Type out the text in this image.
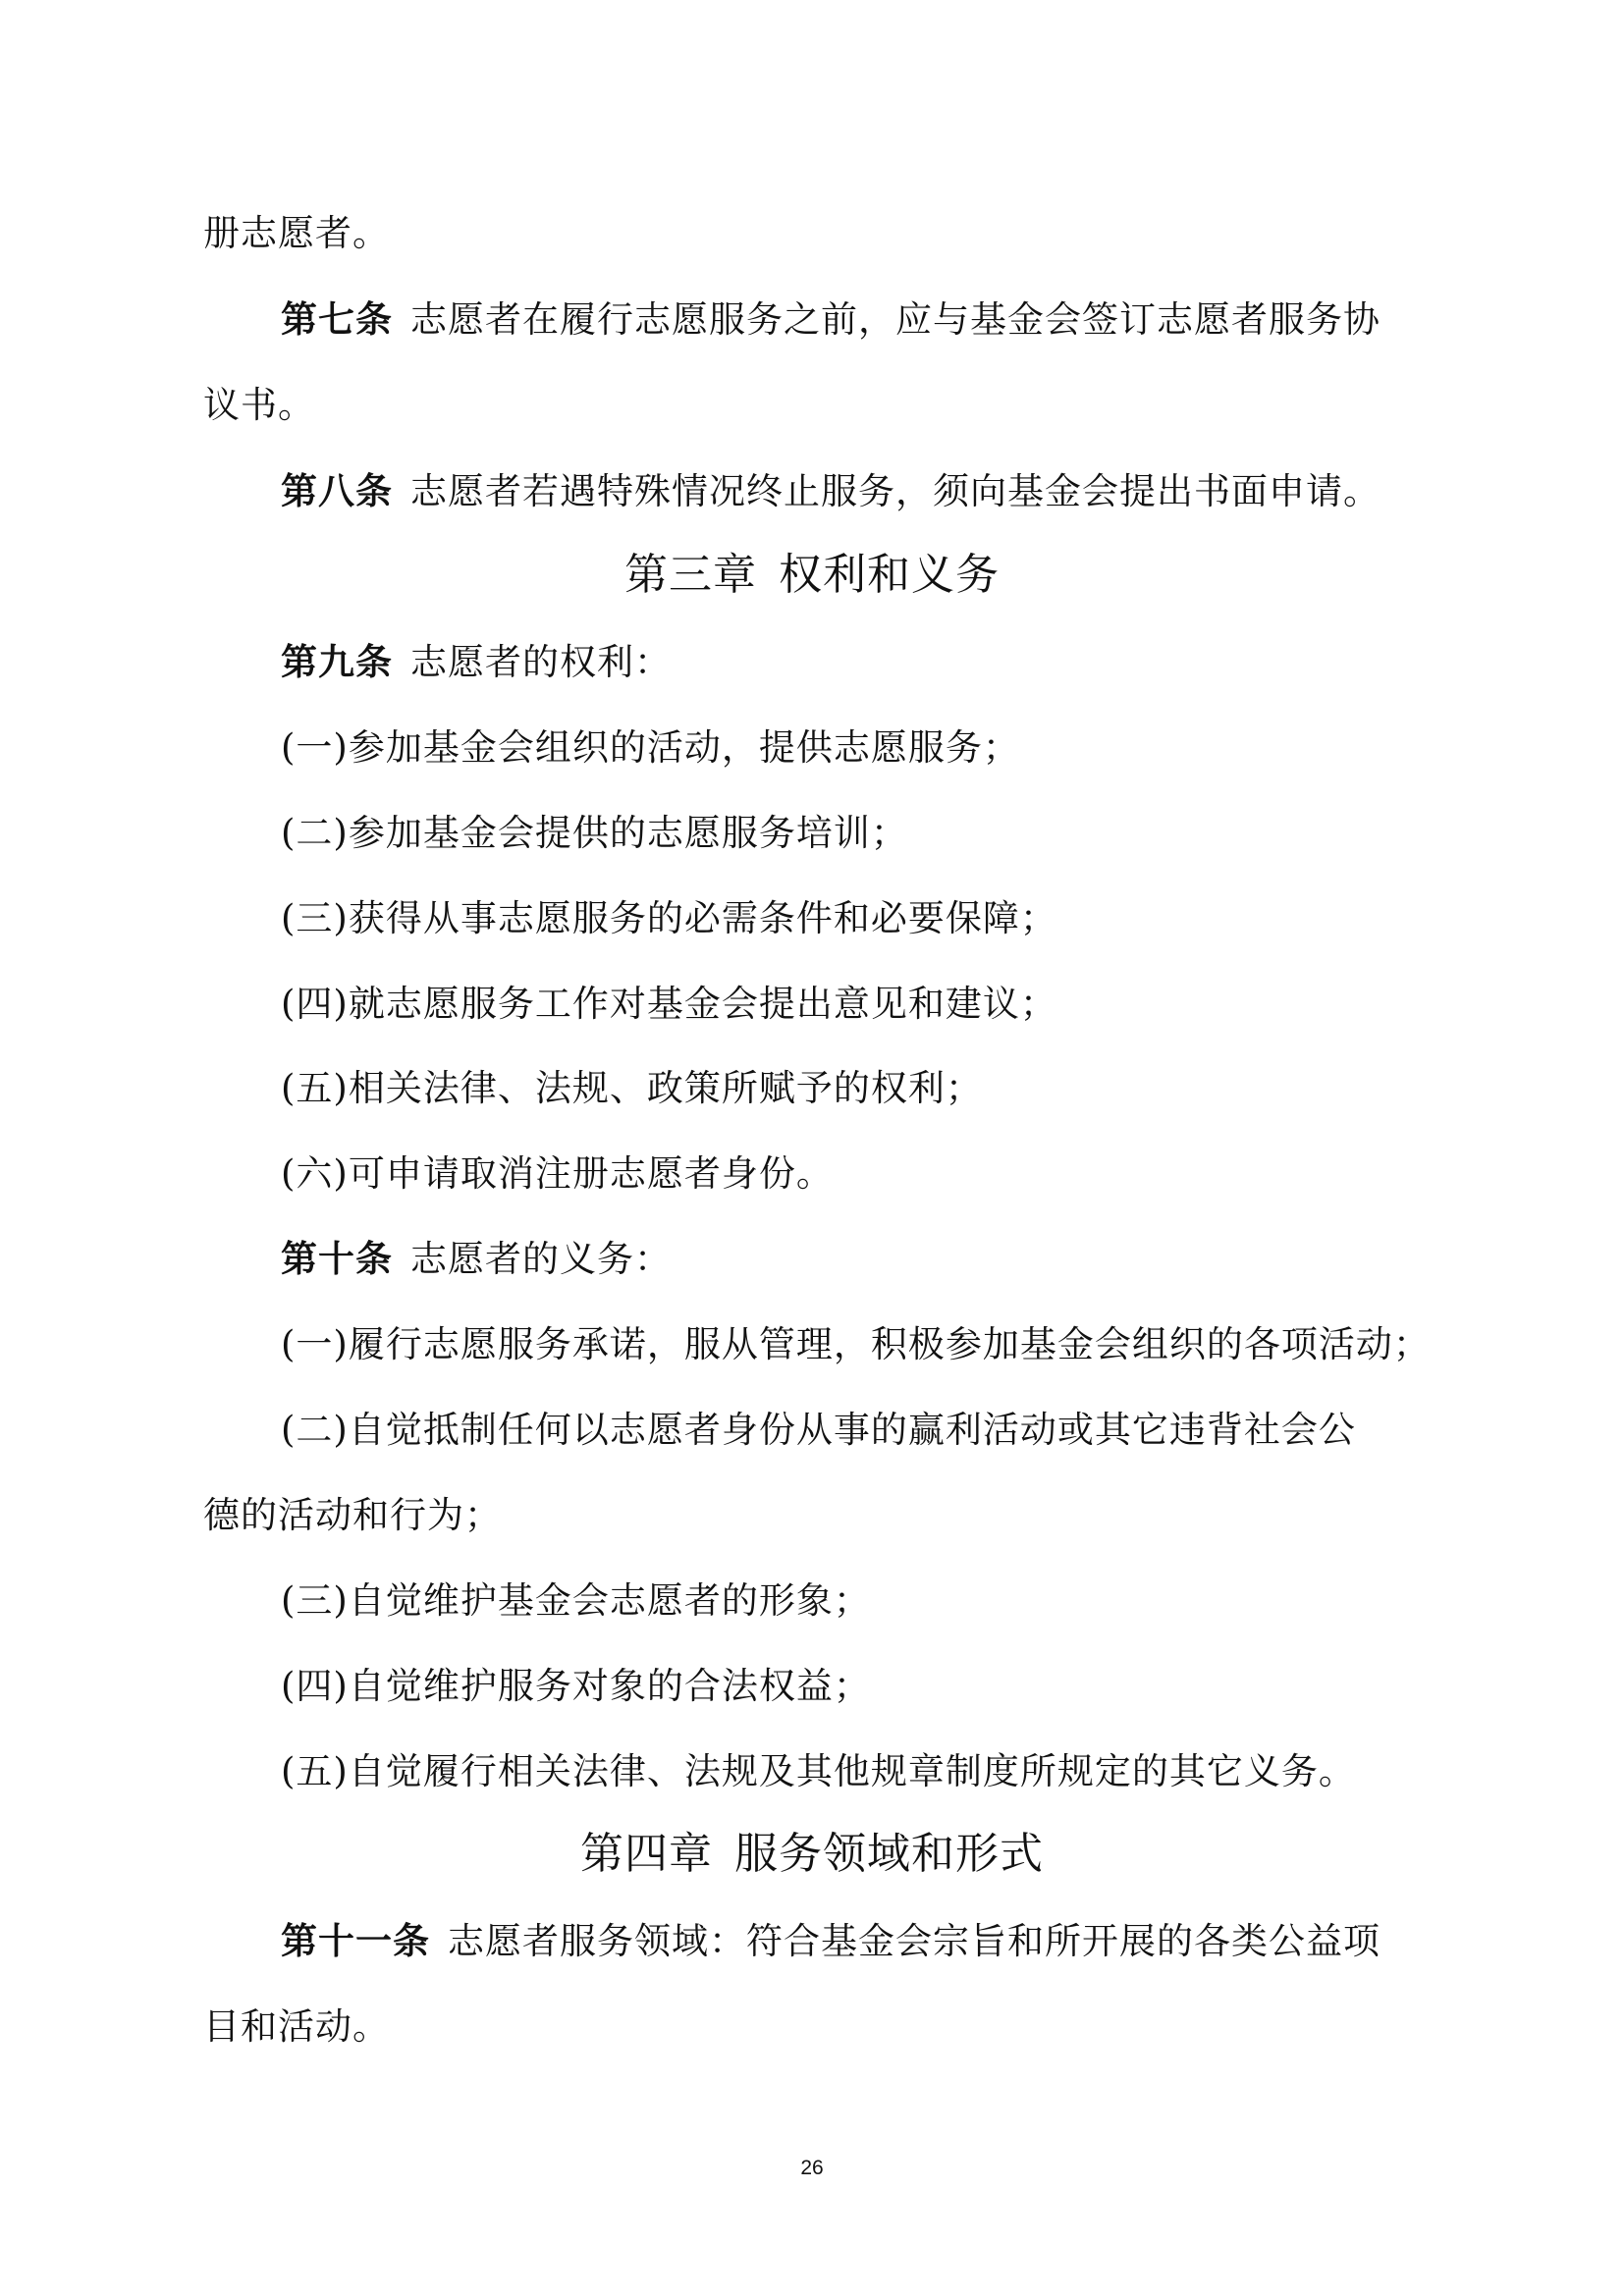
册志愿者。
第七条 志愿者在履行志愿服务之前，应与基金会签订志愿者服务协
议书。
第八条 志愿者若遇特殊情况终止服务，须向基金会提出书面申请。
第三章 权利和义务
第九条 志愿者的权利：
(一)参加基金会组织的活动，提供志愿服务；
(二)参加基金会提供的志愿服务培训；
(三)获得从事志愿服务的必需条件和必要保障；
(四)就志愿服务工作对基金会提出意见和建议；
(五)相关法律、法规、政策所赋予的权利；
(六)可申请取消注册志愿者身份。
第十条 志愿者的义务：
(一)履行志愿服务承诺，服从管理，积极参加基金会组织的各项活动；
(二)自觉抵制任何以志愿者身份从事的赢利活动或其它违背社会公
德的活动和行为；
(三)自觉维护基金会志愿者的形象；
(四)自觉维护服务对象的合法权益；
(五)自觉履行相关法律、法规及其他规章制度所规定的其它义务。
第四章 服务领域和形式
第十一条 志愿者服务领域：符合基金会宗旨和所开展的各类公益项
目和活动。
26
